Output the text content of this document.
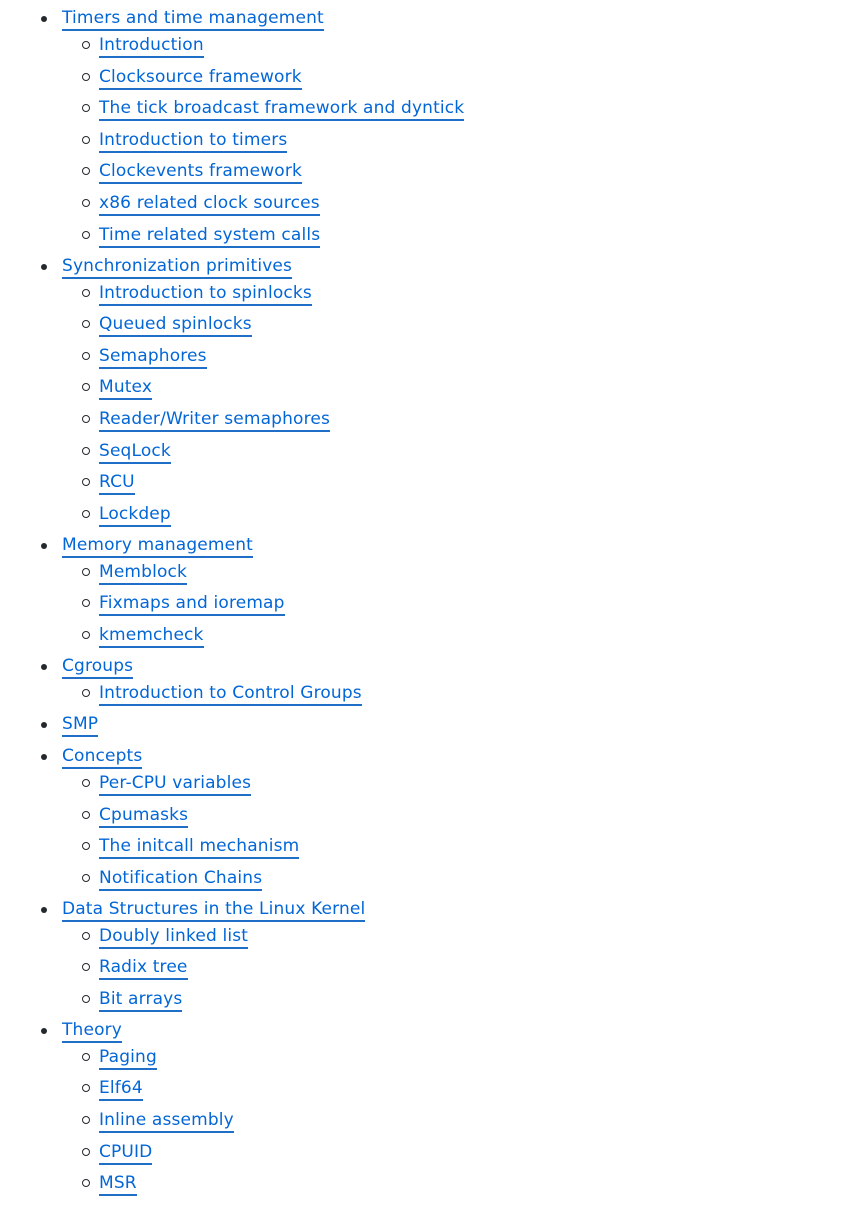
Timers and time management
Introduction
Clocksource framework
The tick broadcast framework and dyntick
Introduction to timers
Clockevents framework
x86 related clock sources
Time related system calls
Synchronization primitives
Introduction to spinlocks
Queued spinlocks
Semaphores
Mutex
Reader/Writer semaphores
SeqLock
RCU
Lockdep
Memory management
Memblock
Fixmaps and ioremap
kmemcheck
Cgroups
Introduction to Control Groups
SMP
Concepts
Per-CPU variables
Cpumasks
The initcall mechanism
Notification Chains
Data Structures in the Linux Kernel
Doubly linked list
Radix tree
Bit arrays
Theory
Paging
Elf64
Inline assembly
CPUID
MSR
